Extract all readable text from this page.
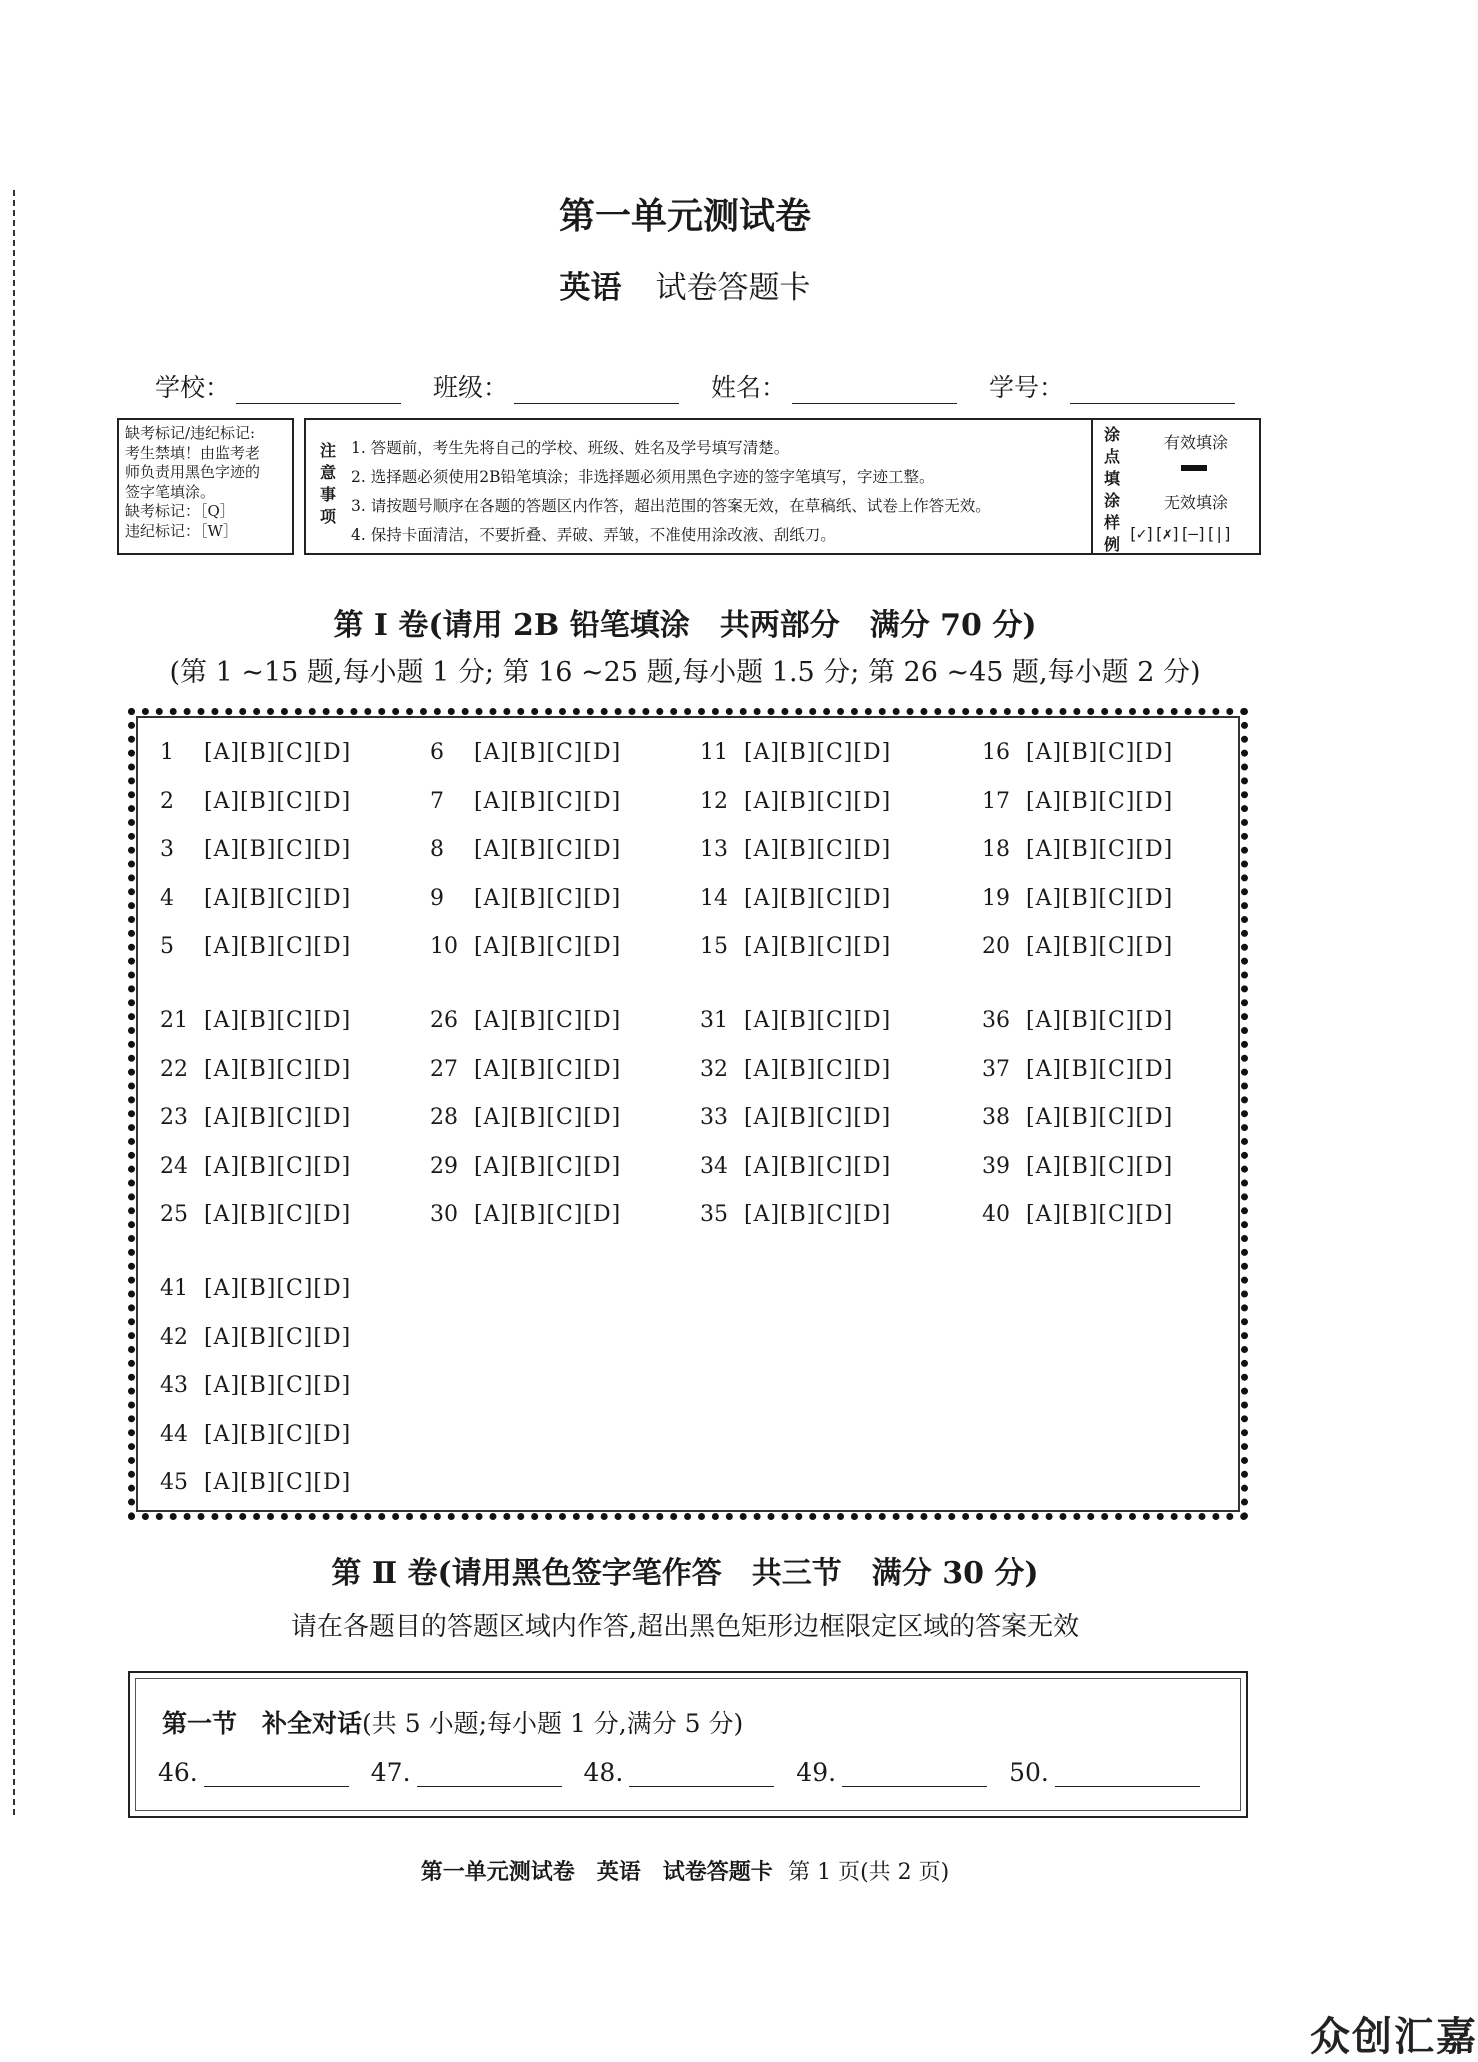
第一单元测试卷
英语 试卷答题卡
学校：	班级：	姓名：	学号：
缺考标记/违纪标记:
考生禁填！由监考老
师负责用黑色字迹的
签字笔填涂。
缺考标记：［Q］
违纪标记：［W］
注
意
事
项
1. 答题前，考生先将自己的学校、班级、姓名及学号填写清楚。
2. 选择题必须使用2B铅笔填涂；非选择题必须用黑色字迹的签字笔填写，字迹工整。
3. 请按题号顺序在各题的答题区内作答，超出范围的答案无效，在草稿纸、试卷上作答无效。
4. 保持卡面清洁，不要折叠、弄破、弄皱，不准使用涂改液、刮纸刀。
涂
点
填
涂
样
例
有效填涂
无效填涂
[✓][✗][—][|]
第 I 卷(请用 2B 铅笔填涂　共两部分　满分 70 分)
(第 1 ~15 题,每小题 1 分; 第 16 ~25 题,每小题 1.5 分; 第 26 ~45 题,每小题 2 分)
1 [A][B][C][D]
2 [A][B][C][D]
3 [A][B][C][D]
4 [A][B][C][D]
5 [A][B][C][D]
6 [A][B][C][D]
7 [A][B][C][D]
8 [A][B][C][D]
9 [A][B][C][D]
10 [A][B][C][D]
11 [A][B][C][D]
12 [A][B][C][D]
13 [A][B][C][D]
14 [A][B][C][D]
15 [A][B][C][D]
16 [A][B][C][D]
17 [A][B][C][D]
18 [A][B][C][D]
19 [A][B][C][D]
20 [A][B][C][D]
21 [A][B][C][D]
22 [A][B][C][D]
23 [A][B][C][D]
24 [A][B][C][D]
25 [A][B][C][D]
26 [A][B][C][D]
27 [A][B][C][D]
28 [A][B][C][D]
29 [A][B][C][D]
30 [A][B][C][D]
31 [A][B][C][D]
32 [A][B][C][D]
33 [A][B][C][D]
34 [A][B][C][D]
35 [A][B][C][D]
36 [A][B][C][D]
37 [A][B][C][D]
38 [A][B][C][D]
39 [A][B][C][D]
40 [A][B][C][D]
41 [A][B][C][D]
42 [A][B][C][D]
43 [A][B][C][D]
44 [A][B][C][D]
45 [A][B][C][D]
第 Ⅱ 卷(请用黑色签字笔作答　共三节　满分 30 分)
请在各题目的答题区域内作答,超出黑色矩形边框限定区域的答案无效
第一节　补全对话(共 5 小题;每小题 1 分,满分 5 分)
46.	47.	48.	49.	50.
第一单元测试卷　英语　试卷答题卡 第 1 页(共 2 页)
众创汇嘉
